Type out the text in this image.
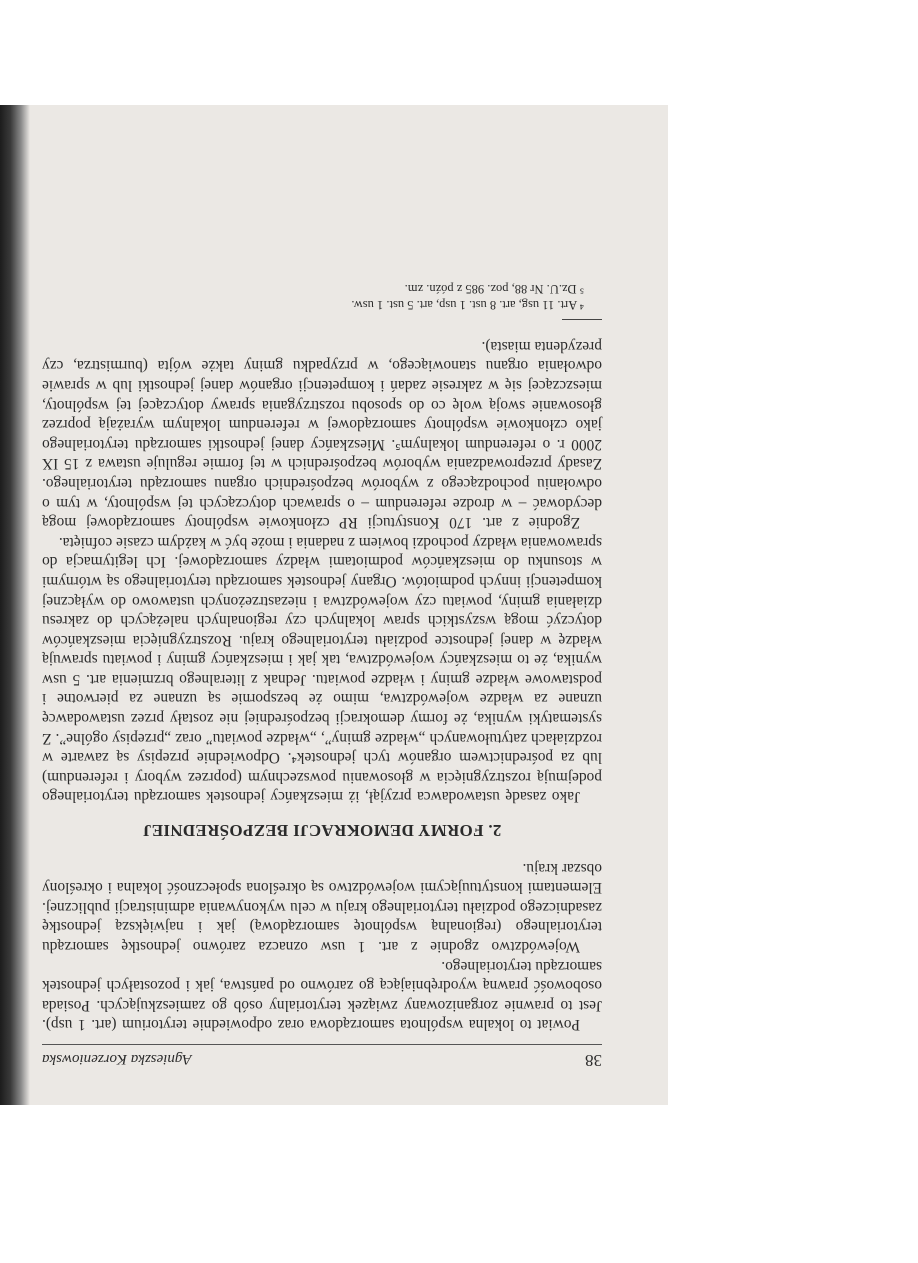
38
Agnieszka Korzeniowska

Powiat to lokalna wspólnota samorządowa oraz odpowiednie terytorium (art. 1 usp). Jest to prawnie zorganizowany związek terytorialny osób go zamieszkujących. Posiada osobowość prawną wyodrębniającą go zarówno od państwa, jak i pozostałych jednostek samorządu terytorialnego.

Województwo zgodnie z art. 1 usw oznacza zarówno jednostkę samorządu terytorialnego (regionalną wspólnotę samorządową) jak i największą jednostkę zasadniczego podziału terytorialnego kraju w celu wykonywania administracji publicznej. Elementami konstytuującymi województwo są określona społeczność lokalna i określony obszar kraju.

2. FORMY DEMOKRACJI BEZPOŚREDNIEJ

Jako zasadę ustawodawca przyjął, iż mieszkańcy jednostek samorządu terytorialnego podejmują rozstrzygnięcia w głosowaniu powszechnym (poprzez wybory i referendum) lub za pośrednictwem organów tych jednostek⁴. Odpowiednie przepisy są zawarte w rozdziałach zatytułowanych „władze gminy”, „władze powiatu” oraz „przepisy ogólne”. Z systematyki wynika, że formy demokracji bezpośredniej nie zostały przez ustawodawcę uznane za władze województwa, mimo że bezspornie są uznane za pierwotne i podstawowe władze gminy i władze powiatu. Jednak z literalnego brzmienia art. 5 usw wynika, że to mieszkańcy województwa, tak jak i mieszkańcy gminy i powiatu sprawują władzę w danej jednostce podziału terytorialnego kraju. Rozstrzygnięcia mieszkańców dotyczyć mogą wszystkich spraw lokalnych czy regionalnych należących do zakresu działania gminy, powiatu czy województwa i niezastrzeżonych ustawowo do wyłącznej kompetencji innych podmiotów. Organy jednostek samorządu terytorialnego są wtórnymi w stosunku do mieszkańców podmiotami władzy samorządowej. Ich legitymacja do sprawowania władzy pochodzi bowiem z nadania i może być w każdym czasie cofnięta.

Zgodnie z art. 170 Konstytucji RP członkowie wspólnoty samorządowej mogą decydować – w drodze referendum – o sprawach dotyczących tej wspólnoty, w tym o odwołaniu pochodzącego z wyborów bezpośrednich organu samorządu terytorialnego. Zasady przeprowadzania wyborów bezpośrednich w tej formie reguluje ustawa z 15 IX 2000 r. o referendum lokalnym⁵. Mieszkańcy danej jednostki samorządu terytorialnego jako członkowie wspólnoty samorządowej w referendum lokalnym wyrażają poprzez głosowanie swoją wolę co do sposobu rozstrzygania sprawy dotyczącej tej wspólnoty, mieszczącej się w zakresie zadań i kompetencji organów danej jednostki lub w sprawie odwołania organu stanowiącego, w przypadku gminy także wójta (burmistrza, czy prezydenta miasta).

⁴ Art. 11 usg, art. 8 ust. 1 usp, art. 5 ust. 1 usw.

⁵ Dz.U. Nr 88, poz. 985 z późn. zm.
